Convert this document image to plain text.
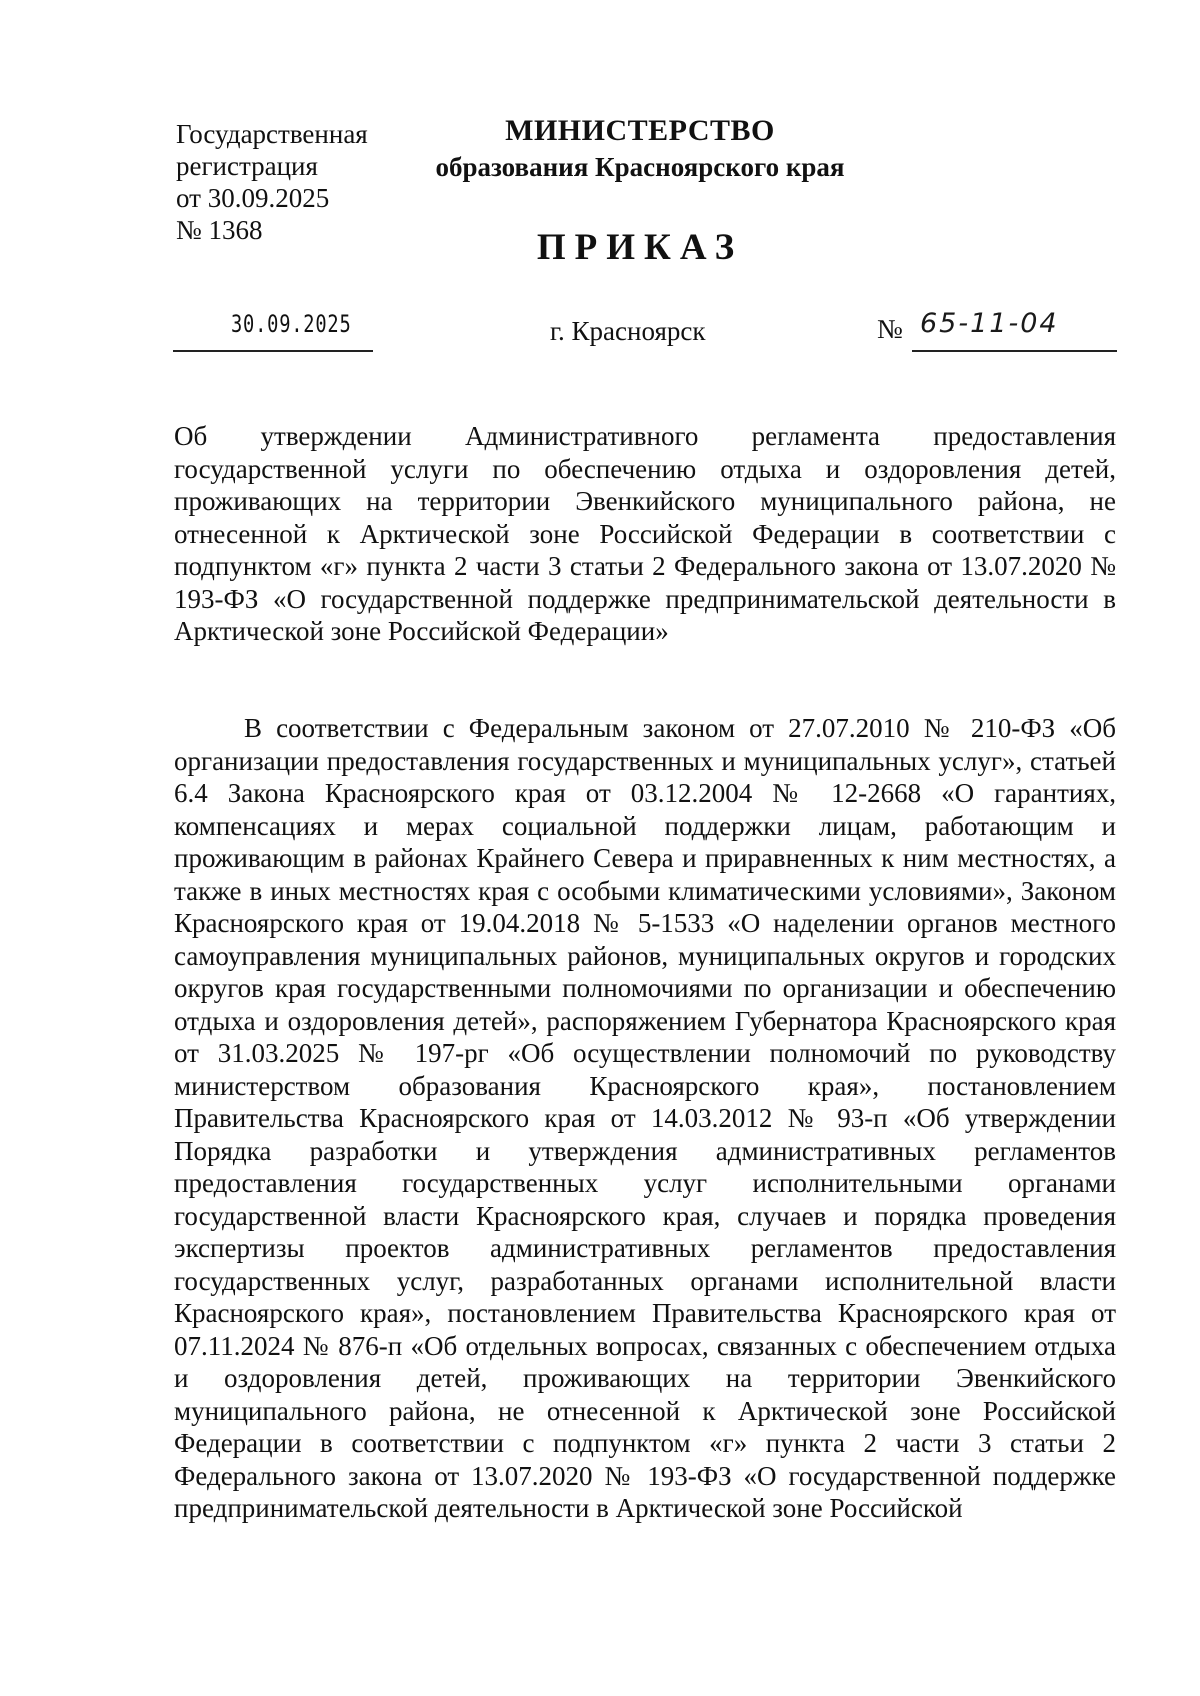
Государственная
регистрация
от 30.09.2025
№ 1368
МИНИСТЕРСТВО
образования Красноярского края
ПРИКАЗ
30.09.2025	г. Красноярск	№ 65-11-04
Об утверждении Административного регламента предоставления государственной услуги по обеспечению отдыха и оздоровления детей, проживающих на территории Эвенкийского муниципального района, не отнесенной к Арктической зоне Российской Федерации в соответствии с подпунктом «г» пункта 2 части 3 статьи 2 Федерального закона от 13.07.2020 № 193-ФЗ «О государственной поддержке предпринимательской деятельности в Арктической зоне Российской Федерации»
В соответствии с Федеральным законом от 27.07.2010 № 210-ФЗ «Об организации предоставления государственных и муниципальных услуг», статьей 6.4 Закона Красноярского края от 03.12.2004 № 12-2668 «О гарантиях, компенсациях и мерах социальной поддержки лицам, работающим и проживающим в районах Крайнего Севера и приравненных к ним местностях, а также в иных местностях края с особыми климатическими условиями», Законом Красноярского края от 19.04.2018 № 5-1533 «О наделении органов местного самоуправления муниципальных районов, муниципальных округов и городских округов края государственными полномочиями по организации и обеспечению отдыха и оздоровления детей», распоряжением Губернатора Красноярского края от 31.03.2025 № 197-рг «Об осуществлении полномочий по руководству министерством образования Красноярского края», постановлением Правительства Красноярского края от 14.03.2012 № 93-п «Об утверждении Порядка разработки и утверждения административных регламентов предоставления государственных услуг исполнительными органами государственной власти Красноярского края, случаев и порядка проведения экспертизы проектов административных регламентов предоставления государственных услуг, разработанных органами исполнительной власти Красноярского края», постановлением Правительства Красноярского края от 07.11.2024 № 876-п «Об отдельных вопросах, связанных с обеспечением отдыха и оздоровления детей, проживающих на территории Эвенкийского муниципального района, не отнесенной к Арктической зоне Российской Федерации в соответствии с подпунктом «г» пункта 2 части 3 статьи 2 Федерального закона от 13.07.2020 № 193-ФЗ «О государственной поддержке предпринимательской деятельности в Арктической зоне Российской
